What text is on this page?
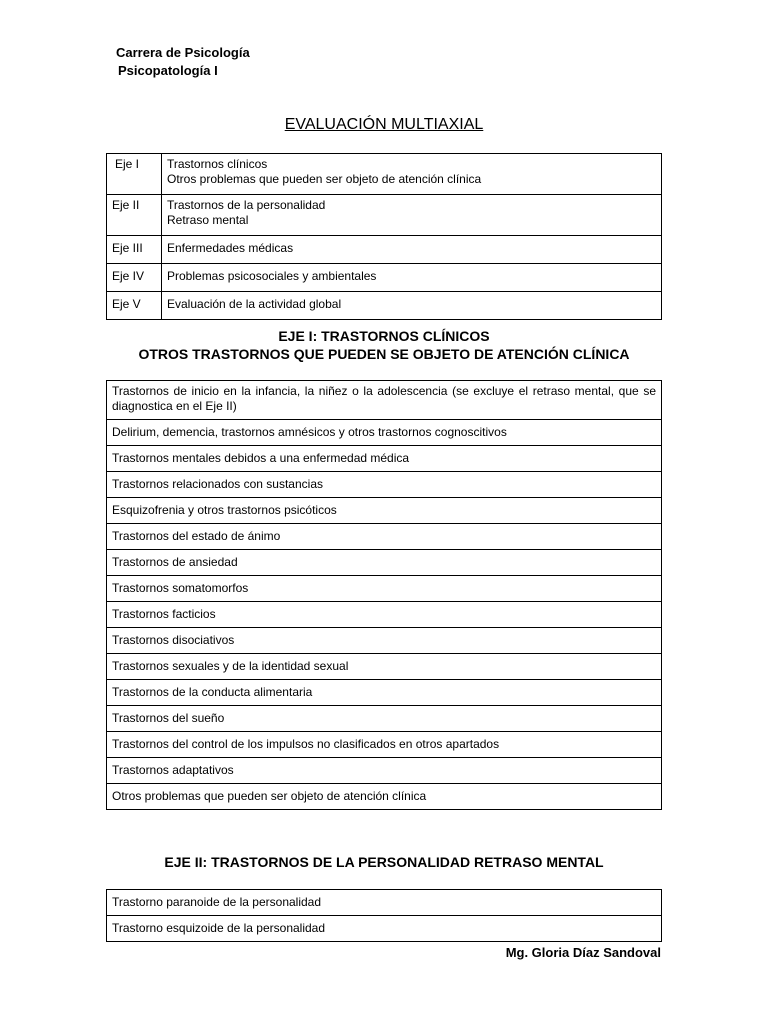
Carrera de Psicología
Psicopatología I
EVALUACIÓN MULTIAXIAL
Eje I	Trastornos clínicos
Otros problemas que pueden ser objeto de atención clínica

Eje II	Trastornos de la personalidad
Retraso mental

Eje III	Enfermedades médicas

Eje IV	Problemas psicosociales y ambientales

Eje V	Evaluación de la actividad global
EJE I: TRASTORNOS CLÍNICOS
OTROS TRASTORNOS QUE PUEDEN SE OBJETO DE ATENCIÓN CLÍNICA
Trastornos de inicio en la infancia, la niñez o la adolescencia (se excluye el retraso mental, que se diagnostica en el Eje II)
Delirium, demencia, trastornos amnésicos y otros trastornos cognoscitivos
Trastornos mentales debidos a una enfermedad médica
Trastornos relacionados con sustancias
Esquizofrenia y otros trastornos psicóticos
Trastornos del estado de ánimo
Trastornos de ansiedad
Trastornos somatomorfos
Trastornos facticios
Trastornos disociativos
Trastornos sexuales y de la identidad sexual
Trastornos de la conducta alimentaria
Trastornos del sueño
Trastornos del control de los impulsos no clasificados en otros apartados
Trastornos adaptativos
Otros problemas que pueden ser objeto de atención clínica
EJE II: TRASTORNOS DE LA PERSONALIDAD RETRASO MENTAL
Trastorno paranoide de la personalidad
Trastorno esquizoide de la personalidad
Mg. Gloria Díaz Sandoval
